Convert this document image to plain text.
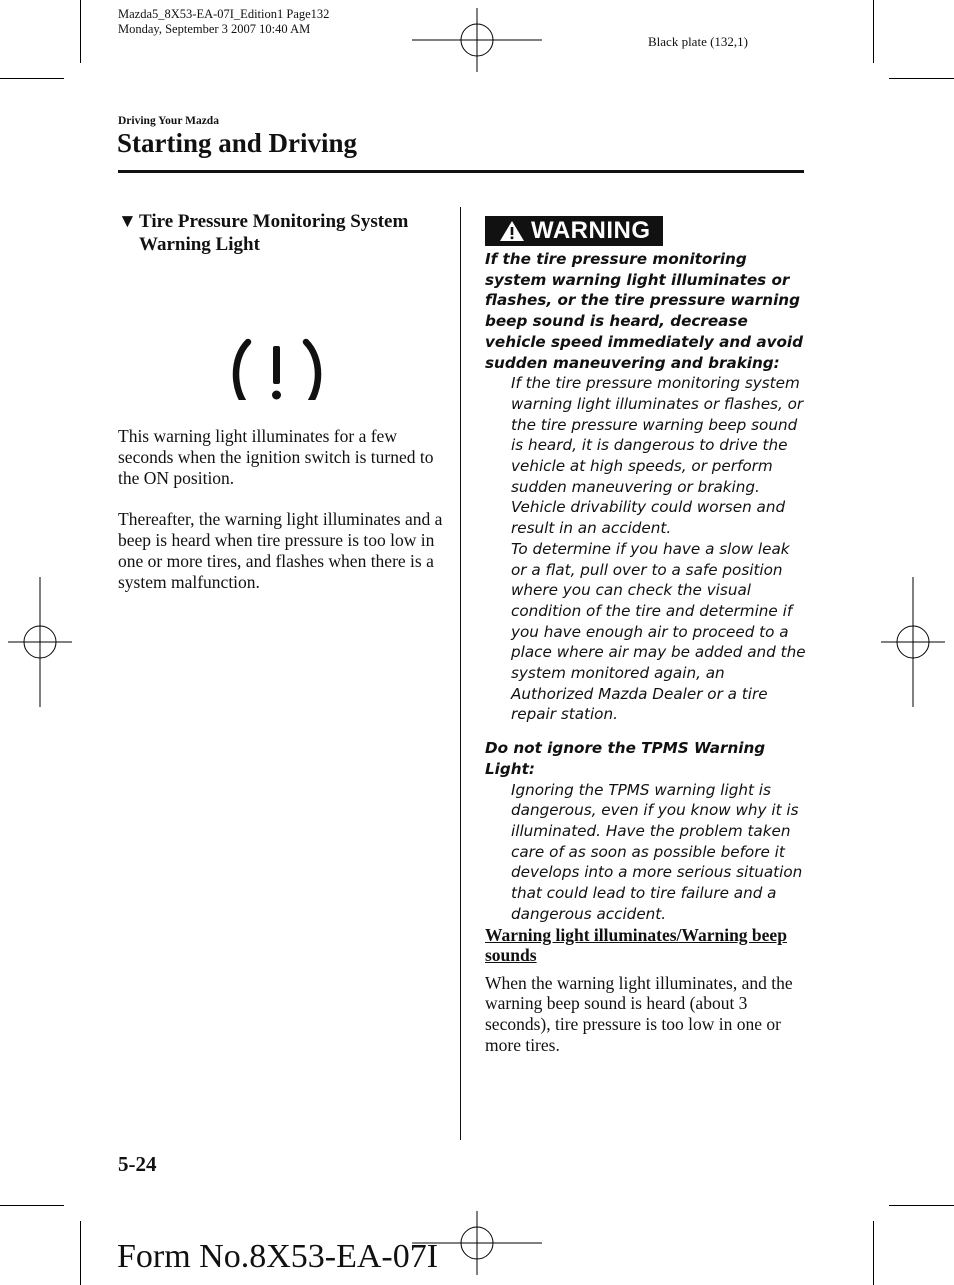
Mazda5_8X53-EA-07I_Edition1 Page132
Monday, September 3 2007 10:40 AM
Black plate (132,1)
Driving Your Mazda
Starting and Driving
▼ Tire Pressure Monitoring System Warning Light

This warning light illuminates for a few seconds when the ignition switch is turned to the ON position.

Thereafter, the warning light illuminates and a beep is heard when tire pressure is too low in one or more tires, and flashes when there is a system malfunction.

WARNING

If the tire pressure monitoring system warning light illuminates or flashes, or the tire pressure warning beep sound is heard, decrease vehicle speed immediately and avoid sudden maneuvering and braking:

If the tire pressure monitoring system warning light illuminates or flashes, or the tire pressure warning beep sound is heard, it is dangerous to drive the vehicle at high speeds, or perform sudden maneuvering or braking. Vehicle drivability could worsen and result in an accident.

To determine if you have a slow leak or a flat, pull over to a safe position where you can check the visual condition of the tire and determine if you have enough air to proceed to a place where air may be added and the system monitored again, an Authorized Mazda Dealer or a tire repair station.

Do not ignore the TPMS Warning Light:

Ignoring the TPMS warning light is dangerous, even if you know why it is illuminated. Have the problem taken care of as soon as possible before it develops into a more serious situation that could lead to tire failure and a dangerous accident.

Warning light illuminates/Warning beep sounds

When the warning light illuminates, and the warning beep sound is heard (about 3 seconds), tire pressure is too low in one or more tires.

5-24
Form No.8X53-EA-07I
